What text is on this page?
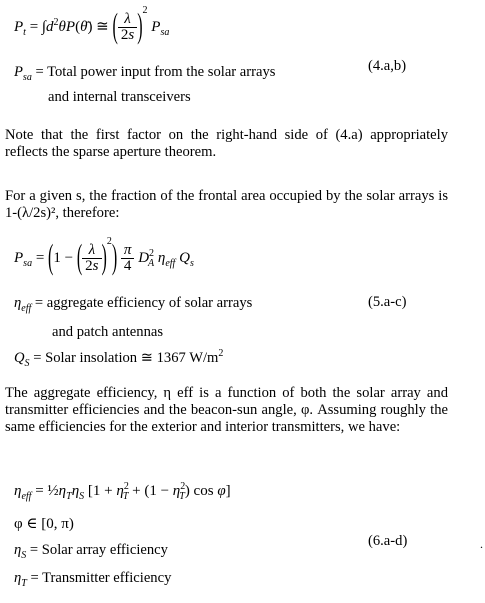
$P_t$ = $\int d^2\theta P(\thetā)$ ≅ ( $\frac{\lambda}{2s} )^2$ $P_{sa}$
$P_{sa}$ = Total power input from the solar arrays
and internal transceivers
(4.a,b)
Note that the first factor on the right-hand side of (4.a) appropriately reflects the sparse aperture theorem.
For a given s, the fraction of the frontal area occupied by the solar arrays is 1-(λ/2s)², therefore:
$P_{sa} = (1$ − ( $\frac{\lambda}{2s} )^2) \frac{\pi}{4} D^2_A$ $\eta_{eff}$ $Q_s$
$\eta_{eff}$ = aggregate efficiency of solar arrays
and patch antennas
(5.a-c)
$Q_S$ = Solar insolation ≅ 1367 $W/m^2$
The aggregate efficiency, η eff is a function of both the solar array and transmitter efficiencies and the beacon-sun angle, φ. Assuming roughly the same efficiencies for the exterior and interior transmitters, we have:
$\eta_{eff}$ = $\frac{1}{2}\eta_T\eta_S$ [$1 + \eta^2_T + (1 - \eta^2_T)$ cos φ]
φ ∈ [0, π)
$\eta_S$ = Solar array efficiency
$\eta_T$ = Transmitter efficiency
(6.a-d)	.
